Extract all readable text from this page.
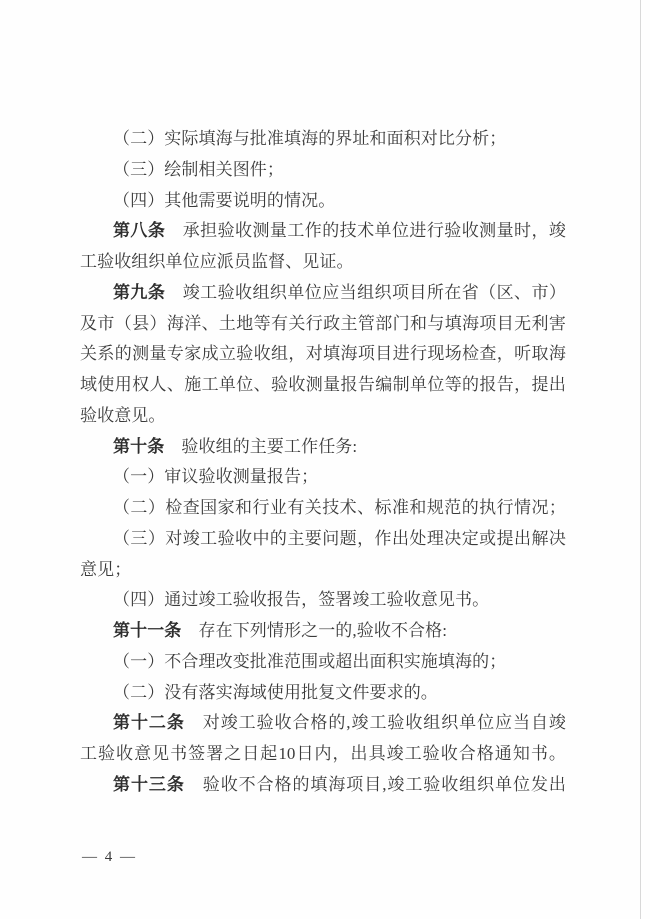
（二）实际填海与批准填海的界址和面积对比分析；
（三）绘制相关图件；
（四）其他需要说明的情况。
第八条　承担验收测量工作的技术单位进行验收测量时，竣
工验收组织单位应派员监督、见证。
第九条　竣工验收组织单位应当组织项目所在省（区、市）
及市（县）海洋、土地等有关行政主管部门和与填海项目无利害
关系的测量专家成立验收组，对填海项目进行现场检查，听取海
域使用权人、施工单位、验收测量报告编制单位等的报告，提出
验收意见。
第十条　验收组的主要工作任务:
（一）审议验收测量报告；
（二）检查国家和行业有关技术、标准和规范的执行情况；
（三）对竣工验收中的主要问题，作出处理决定或提出解决
意见；
（四）通过竣工验收报告，签署竣工验收意见书。
第十一条　存在下列情形之一的,验收不合格:
（一）不合理改变批准范围或超出面积实施填海的；
（二）没有落实海域使用批复文件要求的。
第十二条　对竣工验收合格的,竣工验收组织单位应当自竣
工验收意见书签署之日起10日内，出具竣工验收合格通知书。
第十三条　验收不合格的填海项目,竣工验收组织单位发出
— 4 —
